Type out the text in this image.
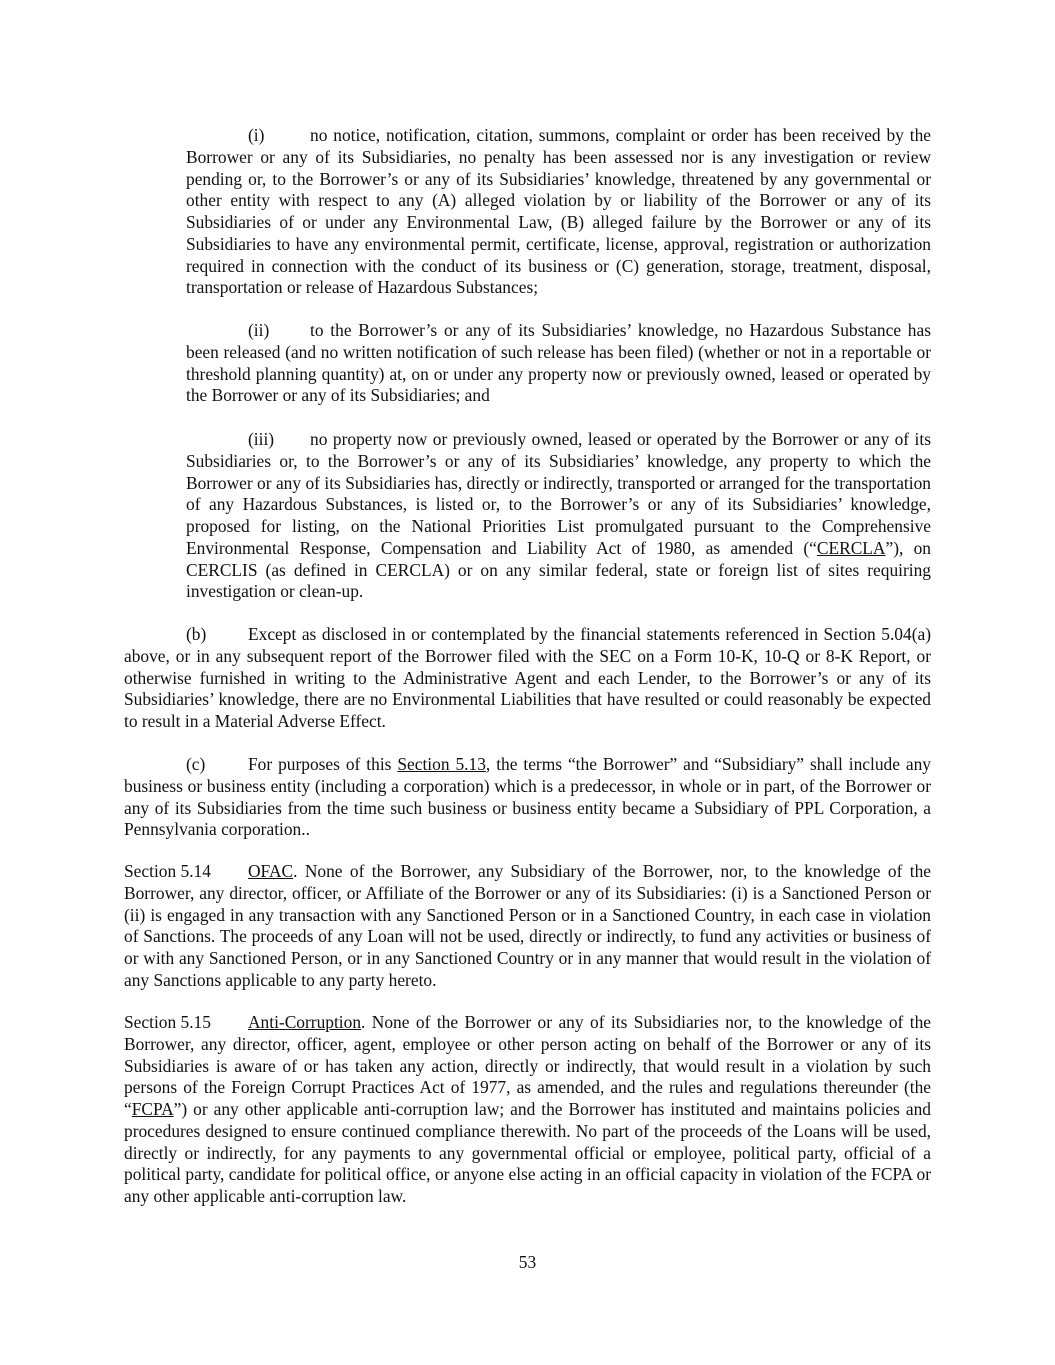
(i)	no notice, notification, citation, summons, complaint or order has been received by the Borrower or any of its Subsidiaries, no penalty has been assessed nor is any investigation or review pending or, to the Borrower’s or any of its Subsidiaries’ knowledge, threatened by any governmental or other entity with respect to any (A) alleged violation by or liability of the Borrower or any of its Subsidiaries of or under any Environmental Law, (B) alleged failure by the Borrower or any of its Subsidiaries to have any environmental permit, certificate, license, approval, registration or authorization required in connection with the conduct of its business or (C) generation, storage, treatment, disposal, transportation or release of Hazardous Substances;

(ii) to the Borrower’s or any of its Subsidiaries’ knowledge, no Hazardous Substance has been released (and no written notification of such release has been filed) (whether or not in a reportable or threshold planning quantity) at, on or under any property now or previously owned, leased or operated by the Borrower or any of its Subsidiaries; and

(iii) no property now or previously owned, leased or operated by the Borrower or any of its Subsidiaries or, to the Borrower’s or any of its Subsidiaries’ knowledge, any property to which the Borrower or any of its Subsidiaries has, directly or indirectly, transported or arranged for the transportation of any Hazardous Substances, is listed or, to the Borrower’s or any of its Subsidiaries’ knowledge, proposed for listing, on the National Priorities List promulgated pursuant to the Comprehensive Environmental Response, Compensation and Liability Act of 1980, as amended (“CERCLA”), on CERCLIS (as defined in CERCLA) or on any similar federal, state or foreign list of sites requiring investigation or clean-up.

(b) Except as disclosed in or contemplated by the financial statements referenced in Section 5.04(a) above, or in any subsequent report of the Borrower filed with the SEC on a Form 10-K, 10-Q or 8-K Report, or otherwise furnished in writing to the Administrative Agent and each Lender, to the Borrower’s or any of its Subsidiaries’ knowledge, there are no Environmental Liabilities that have resulted or could reasonably be expected to result in a Material Adverse Effect.

(c) For purposes of this Section 5.13, the terms “the Borrower” and “Subsidiary” shall include any business or business entity (including a corporation) which is a predecessor, in whole or in part, of the Borrower or any of its Subsidiaries from the time such business or business entity became a Subsidiary of PPL Corporation, a Pennsylvania corporation..

Section 5.14 OFAC. None of the Borrower, any Subsidiary of the Borrower, nor, to the knowledge of the Borrower, any director, officer, or Affiliate of the Borrower or any of its Subsidiaries: (i) is a Sanctioned Person or (ii) is engaged in any transaction with any Sanctioned Person or in a Sanctioned Country, in each case in violation of Sanctions. The proceeds of any Loan will not be used, directly or indirectly, to fund any activities or business of or with any Sanctioned Person, or in any Sanctioned Country or in any manner that would result in the violation of any Sanctions applicable to any party hereto.

Section 5.15 Anti-Corruption. None of the Borrower or any of its Subsidiaries nor, to the knowledge of the Borrower, any director, officer, agent, employee or other person acting on behalf of the Borrower or any of its Subsidiaries is aware of or has taken any action, directly or indirectly, that would result in a violation by such persons of the Foreign Corrupt Practices Act of 1977, as amended, and the rules and regulations thereunder (the “FCPA”) or any other applicable anti-corruption law; and the Borrower has instituted and maintains policies and procedures designed to ensure continued compliance therewith. No part of the proceeds of the Loans will be used, directly or indirectly, for any payments to any governmental official or employee, political party, official of a political party, candidate for political office, or anyone else acting in an official capacity in violation of the FCPA or any other applicable anti-corruption law.

53
